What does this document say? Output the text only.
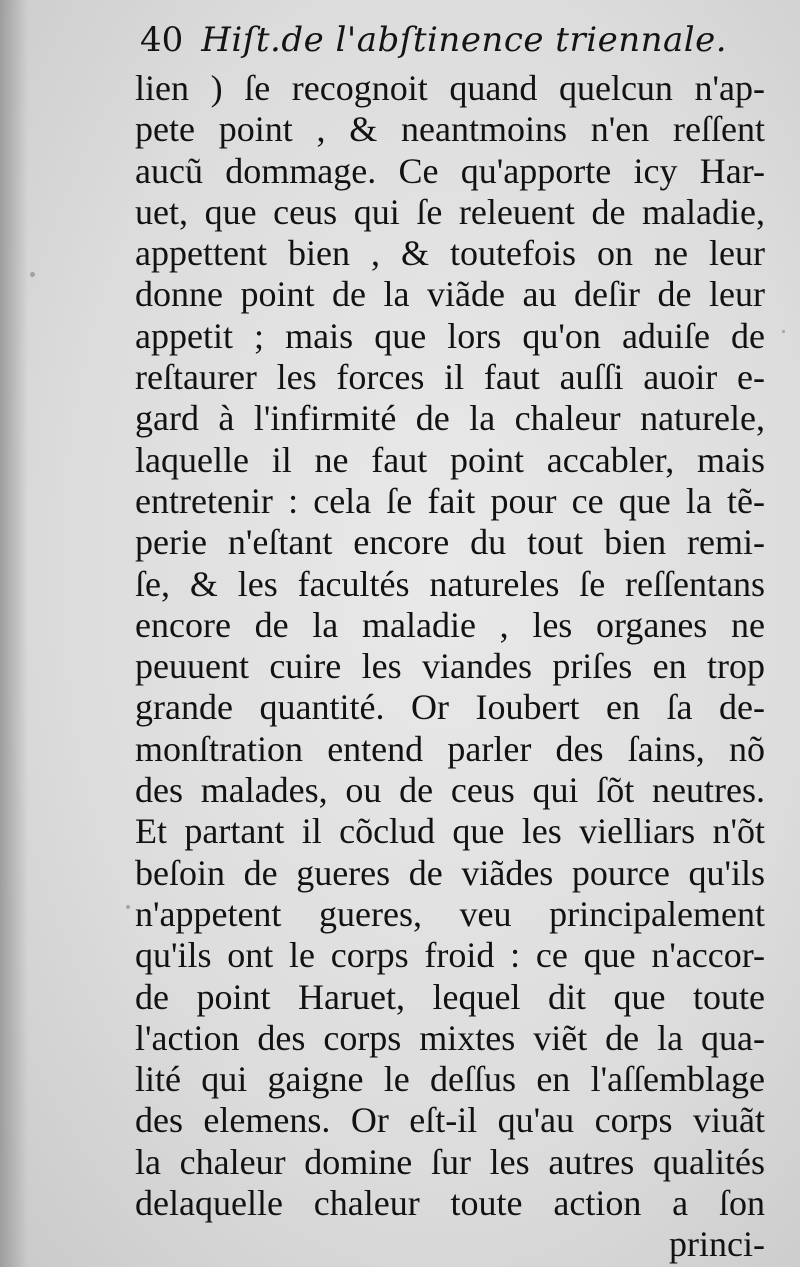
40 Hiſt.de l'abſtinence triennale.
lien ) ſe recognoit quand quelcun n'ap-
pete point , & neantmoins n'en reſſent
aucũ dommage. Ce qu'apporte icy Har-
uet, que ceus qui ſe releuent de maladie,
appettent bien , & toutefois on ne leur
donne point de la viãde au deſir de leur
appetit ; mais que lors qu'on aduiſe de
reſtaurer les forces il faut auſſi auoir e-
gard à l'infirmité de la chaleur naturele,
laquelle il ne faut point accabler, mais
entretenir : cela ſe fait pour ce que la tẽ-
perie n'eſtant encore du tout bien remi-
ſe, & les facultés natureles ſe reſſentans
encore de la maladie , les organes ne
peuuent cuire les viandes priſes en trop
grande quantité. Or Ioubert en ſa de-
monſtration entend parler des ſains, nõ
des malades, ou de ceus qui ſõt neutres.
Et partant il cõclud que les vielliars n'õt
beſoin de gueres de viãdes pource qu'ils
n'appetent gueres, veu principalement
qu'ils ont le corps froid : ce que n'accor-
de point Haruet, lequel dit que toute
l'action des corps mixtes viẽt de la qua-
lité qui gaigne le deſſus en l'aſſemblage
des elemens. Or eſt-il qu'au corps viuãt
la chaleur domine ſur les autres qualités
delaquelle chaleur toute action a ſon
princi-
